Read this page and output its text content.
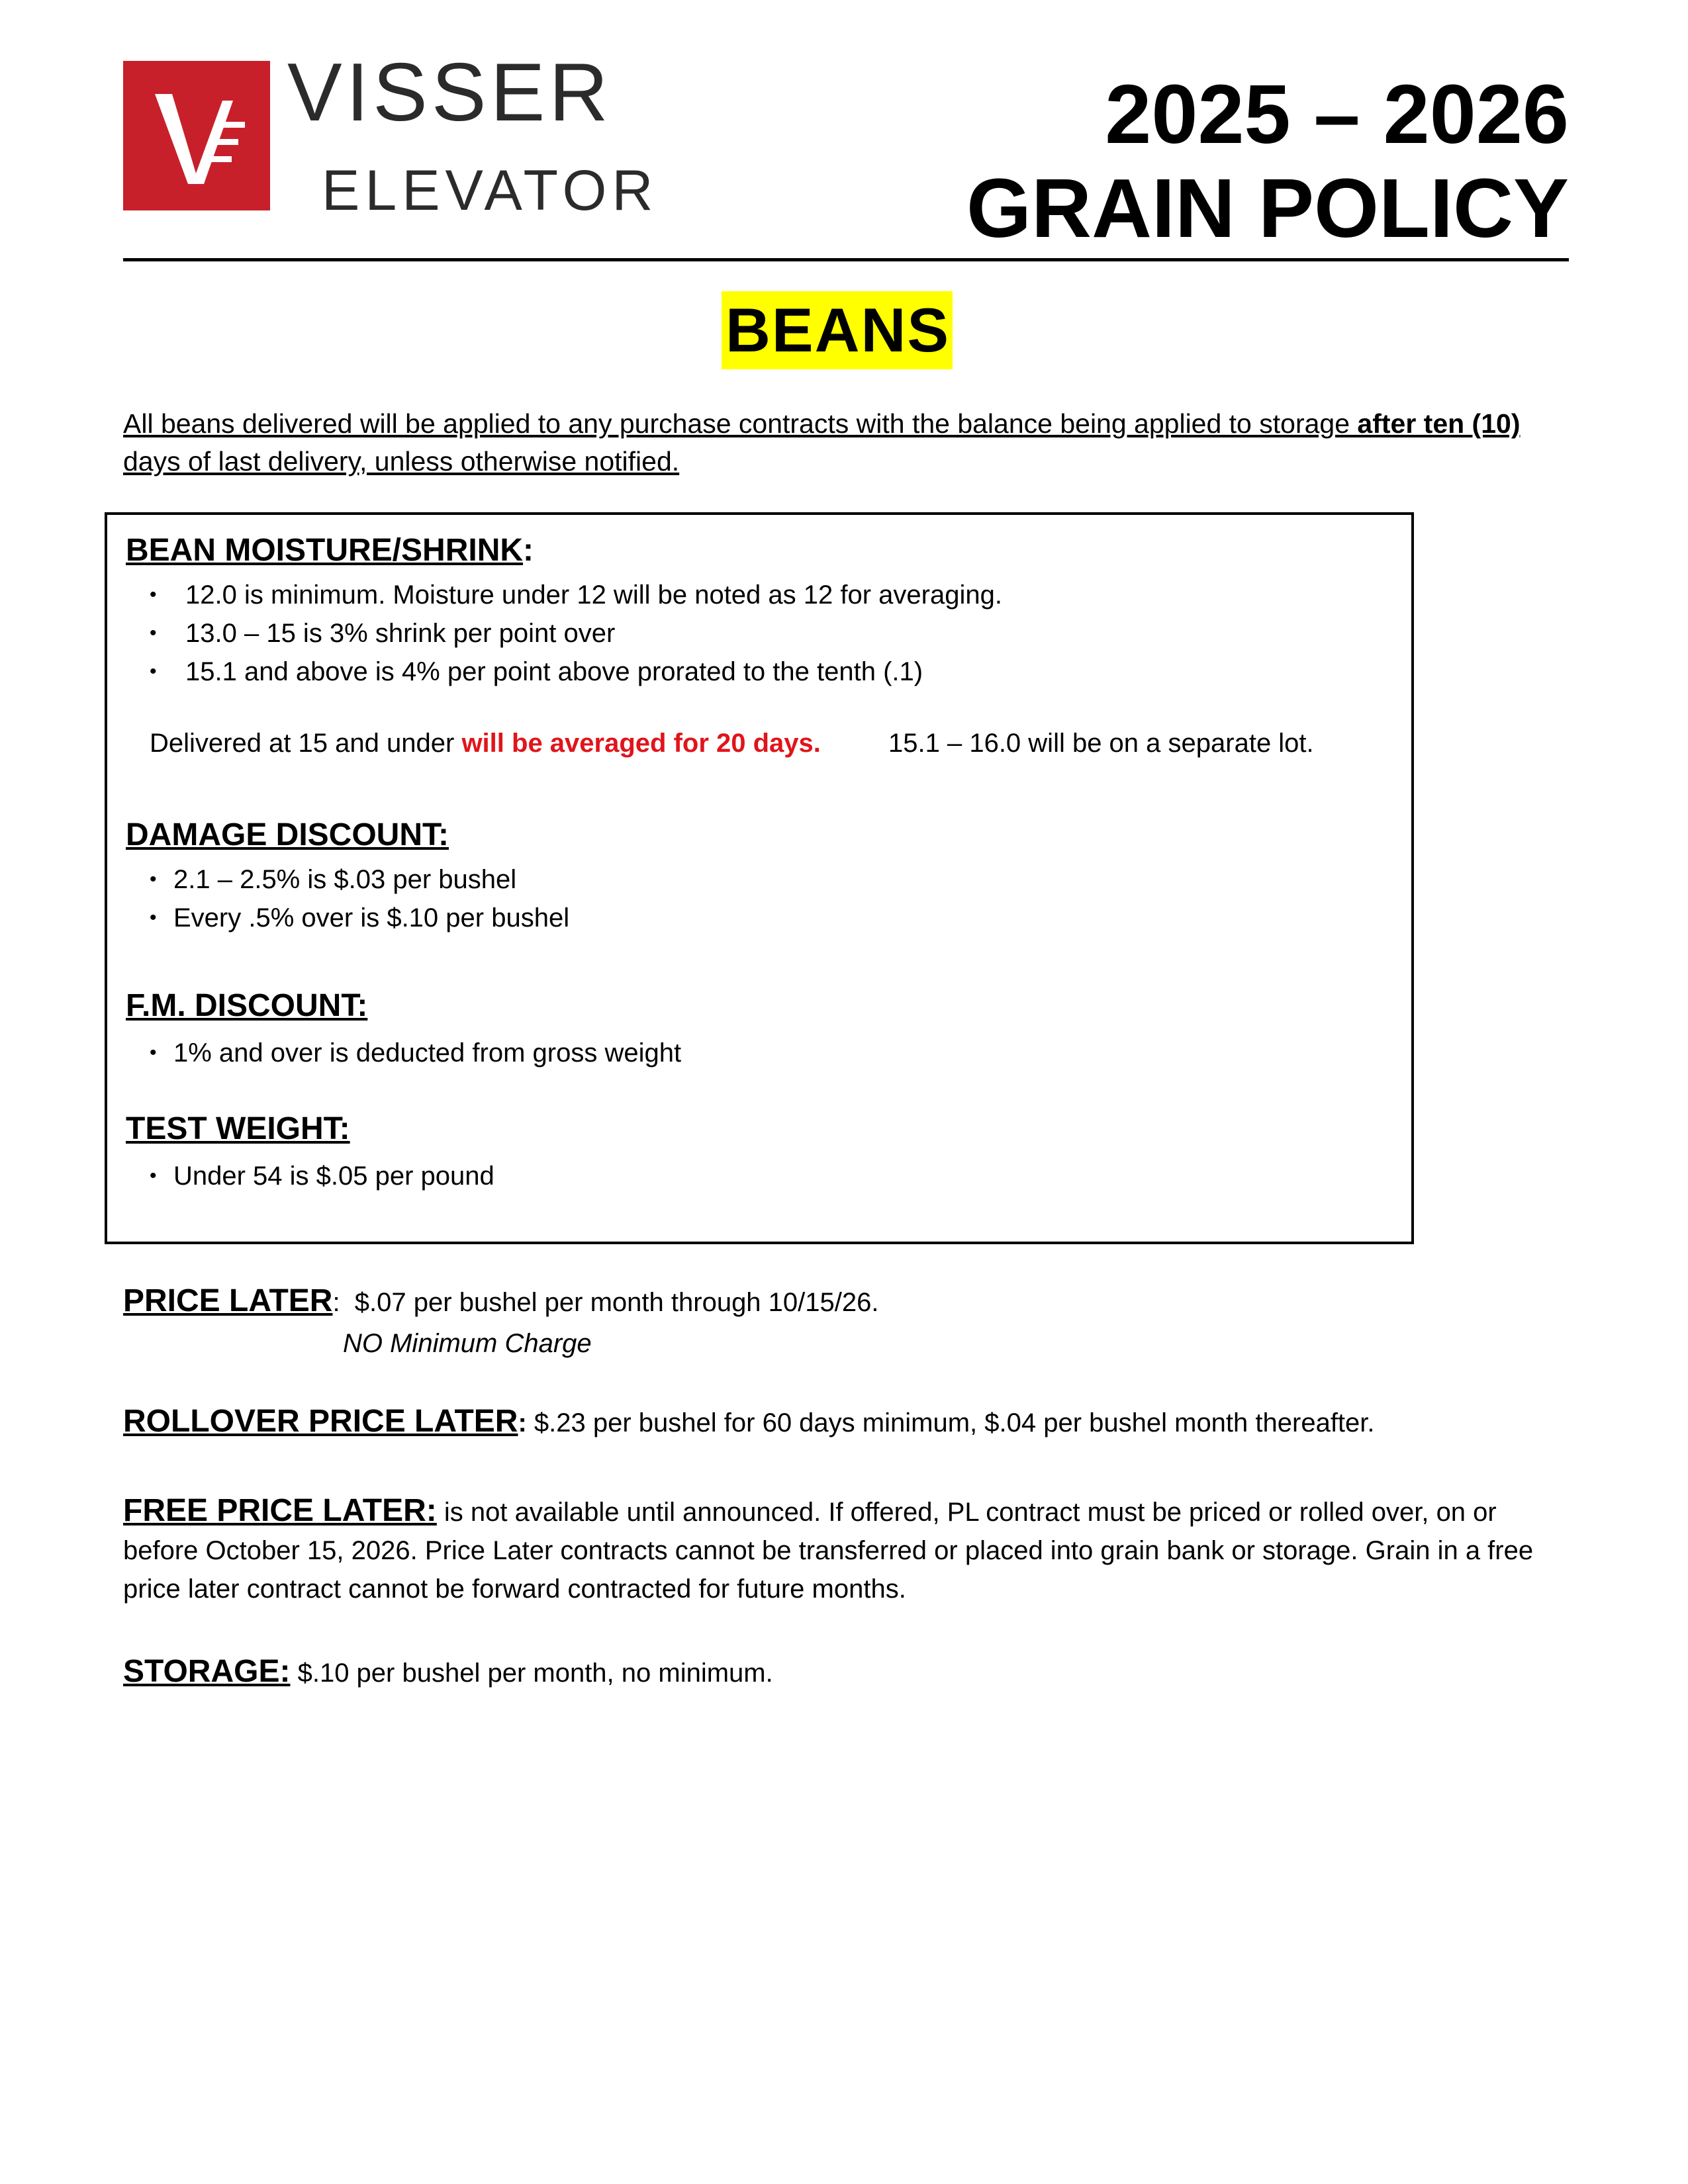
VISSER
ELEVATOR
2025 – 2026
GRAIN POLICY
BEANS
All beans delivered will be applied to any purchase contracts with the balance being applied to storage after ten (10) days of last delivery, unless otherwise notified.
BEAN MOISTURE/SHRINK:
• 12.0 is minimum. Moisture under 12 will be noted as 12 for averaging.
• 13.0 – 15 is 3% shrink per point over
• 15.1 and above is 4% per point above prorated to the tenth (.1)
Delivered at 15 and under will be averaged for 20 days.	15.1 – 16.0 will be on a separate lot.
DAMAGE DISCOUNT:
• 2.1 – 2.5% is $.03 per bushel
• Every .5% over is $.10 per bushel
F.M. DISCOUNT:
• 1% and over is deducted from gross weight
TEST WEIGHT:
• Under 54 is $.05 per pound
PRICE LATER:  $.07 per bushel per month through 10/15/26.
NO Minimum Charge
ROLLOVER PRICE LATER: $.23 per bushel for 60 days minimum, $.04 per bushel month thereafter.
FREE PRICE LATER: is not available until announced. If offered, PL contract must be priced or rolled over, on or before October 15, 2026. Price Later contracts cannot be transferred or placed into grain bank or storage. Grain in a free price later contract cannot be forward contracted for future months.
STORAGE: $.10 per bushel per month, no minimum.
